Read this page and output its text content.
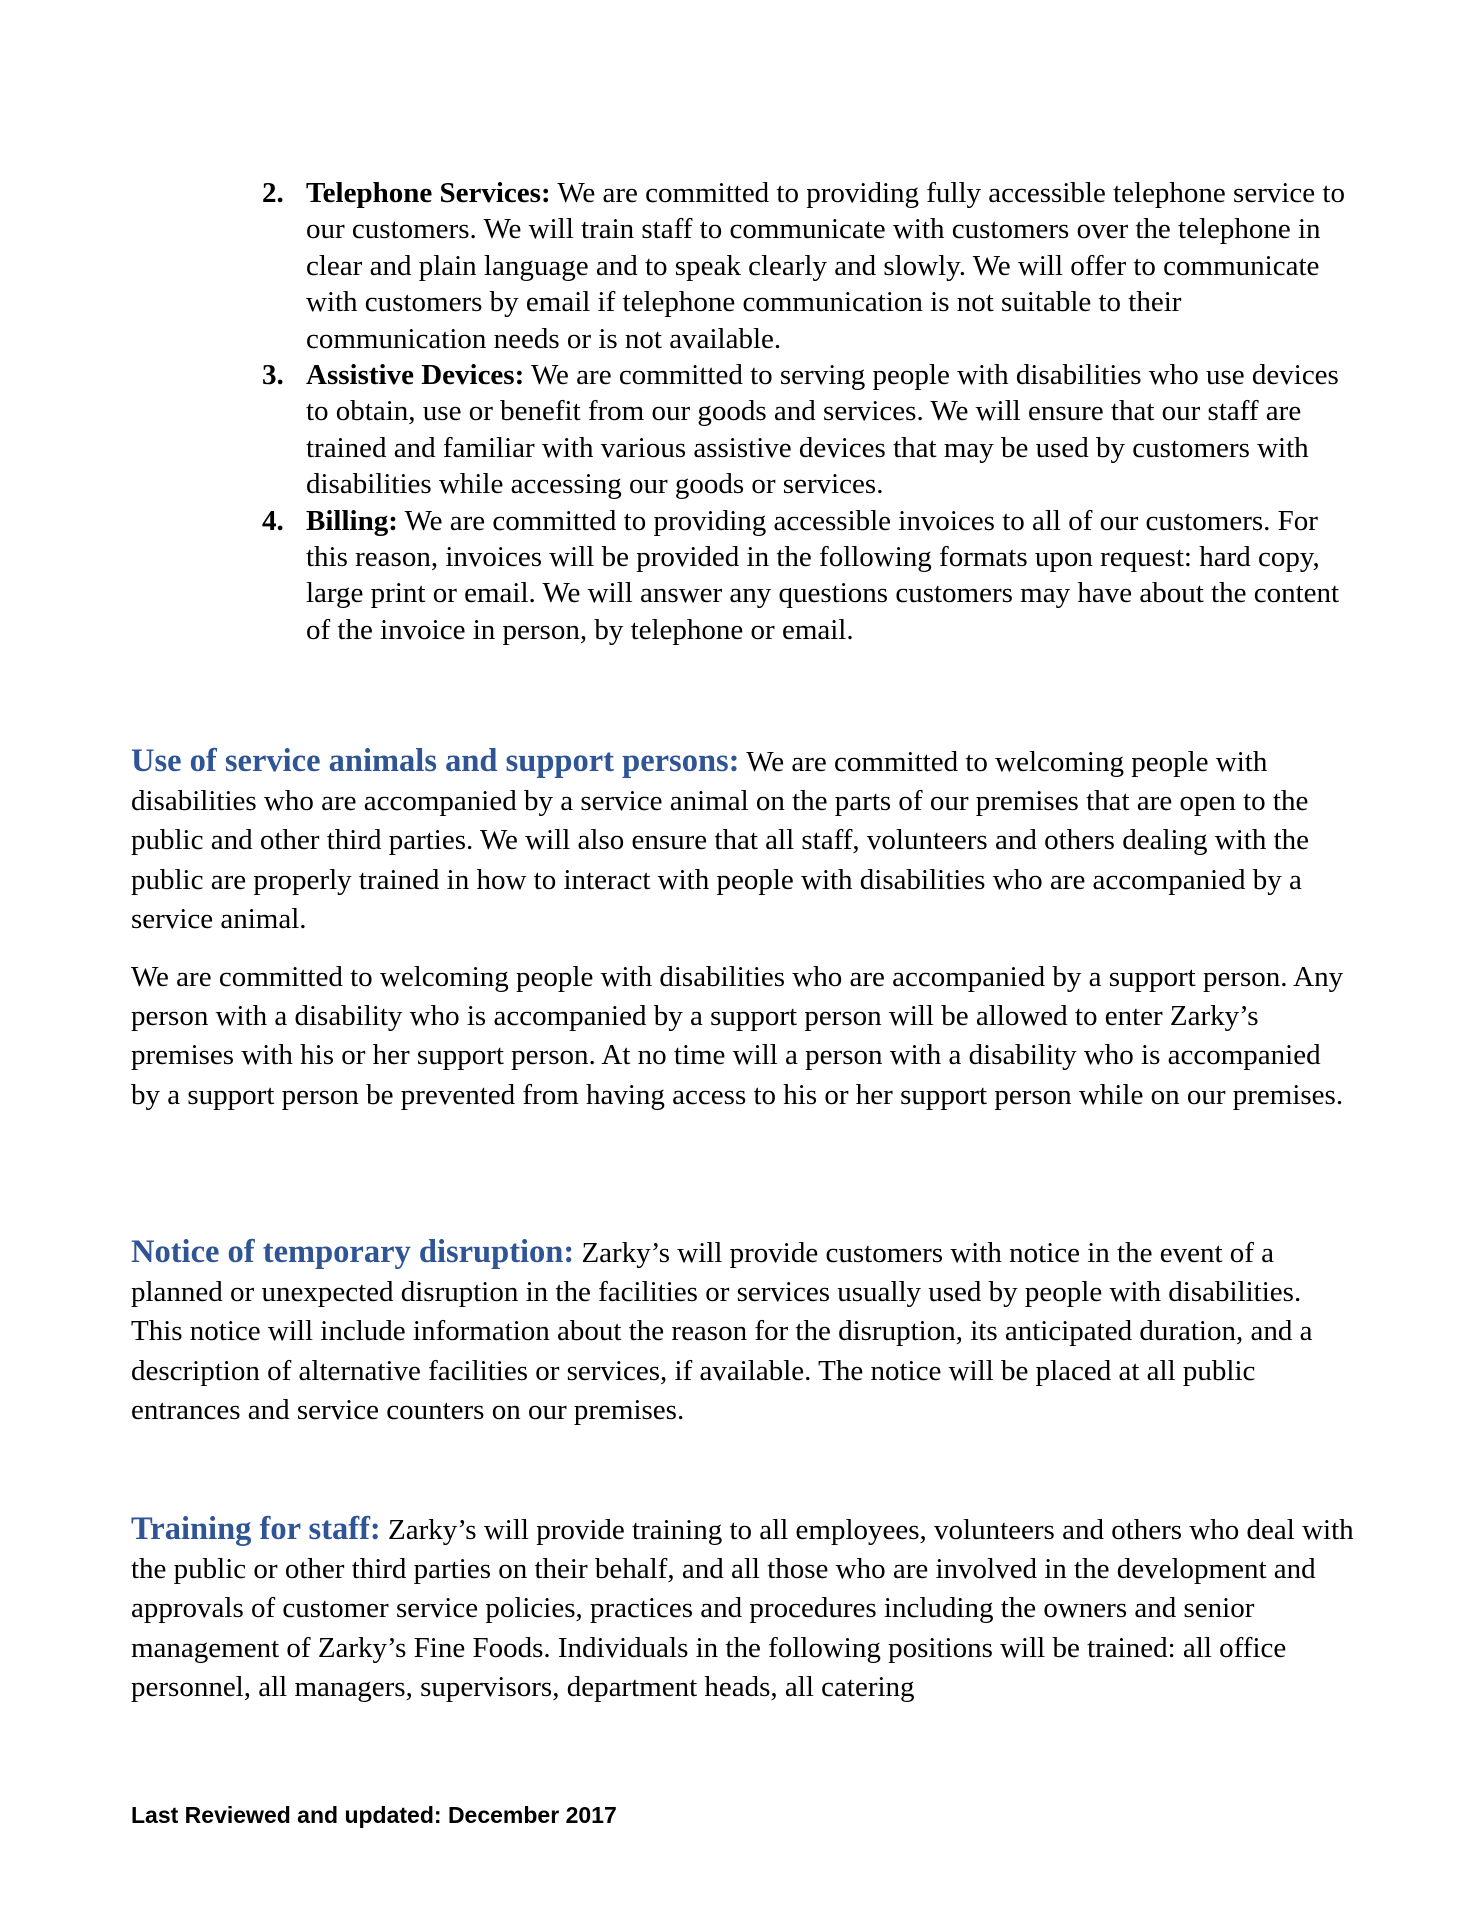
2. Telephone Services: We are committed to providing fully accessible telephone service to our customers. We will train staff to communicate with customers over the telephone in clear and plain language and to speak clearly and slowly. We will offer to communicate with customers by email if telephone communication is not suitable to their communication needs or is not available.
3. Assistive Devices: We are committed to serving people with disabilities who use devices to obtain, use or benefit from our goods and services. We will ensure that our staff are trained and familiar with various assistive devices that may be used by customers with disabilities while accessing our goods or services.
4. Billing: We are committed to providing accessible invoices to all of our customers. For this reason, invoices will be provided in the following formats upon request: hard copy, large print or email. We will answer any questions customers may have about the content of the invoice in person, by telephone or email.

Use of service animals and support persons: We are committed to welcoming people with disabilities who are accompanied by a service animal on the parts of our premises that are open to the public and other third parties. We will also ensure that all staff, volunteers and others dealing with the public are properly trained in how to interact with people with disabilities who are accompanied by a service animal.

We are committed to welcoming people with disabilities who are accompanied by a support person. Any person with a disability who is accompanied by a support person will be allowed to enter Zarky’s premises with his or her support person. At no time will a person with a disability who is accompanied by a support person be prevented from having access to his or her support person while on our premises.

Notice of temporary disruption: Zarky’s will provide customers with notice in the event of a planned or unexpected disruption in the facilities or services usually used by people with disabilities. This notice will include information about the reason for the disruption, its anticipated duration, and a description of alternative facilities or services, if available. The notice will be placed at all public entrances and service counters on our premises.

Training for staff: Zarky’s will provide training to all employees, volunteers and others who deal with the public or other third parties on their behalf, and all those who are involved in the development and approvals of customer service policies, practices and procedures including the owners and senior management of Zarky’s Fine Foods. Individuals in the following positions will be trained: all office personnel, all managers, supervisors, department heads, all catering

Last Reviewed and updated: December 2017
